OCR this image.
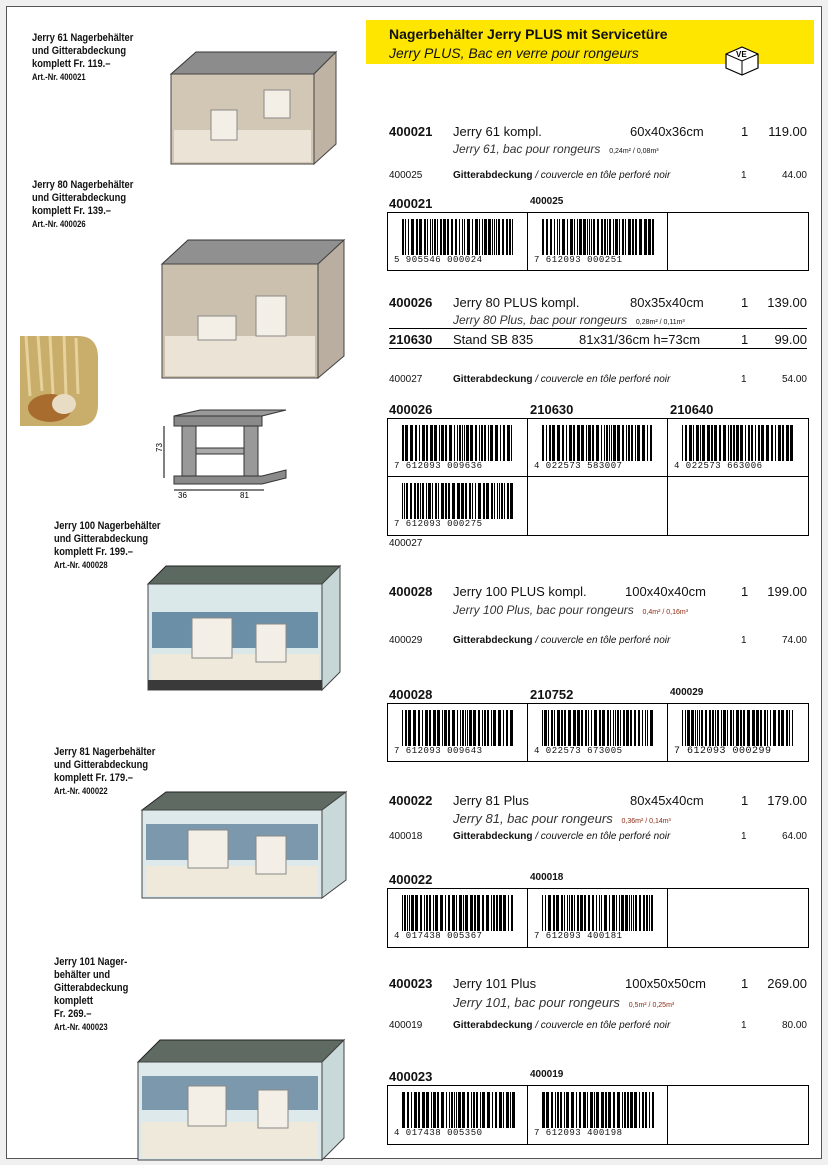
Nagerbehälter Jerry PLUS mit Servicetüre
Jerry PLUS, Bac en verre pour rongeurs	VE
Jerry 61 Nagerbehälter
und Gitterabdeckung
komplett Fr. 119.–
Art.-Nr. 400021
Jerry 80 Nagerbehälter
und Gitterabdeckung
komplett Fr. 139.–
Art.-Nr. 400026
Jerry 100 Nagerbehälter
und Gitterabdeckung
komplett Fr. 199.–
Art.-Nr. 400028
Jerry 81 Nagerbehälter
und Gitterabdeckung
komplett Fr. 179.–
Art.-Nr. 400022
Jerry 101 Nager-
behälter und
Gitterabdeckung
komplett
Fr. 269.–
Art.-Nr. 400023
73
36	81
400021 Jerry 61 kompl.	60x40x36cm	1 119.00
Jerry 61, bac pour rongeurs 0,24m² / 0,08m³
400025	Gitterabdeckung / couvercle en tôle perforé noir	1	44.00
400026 Jerry 80 PLUS kompl.	80x35x40cm	1 139.00
Jerry 80 Plus, bac pour rongeurs 0,28m² / 0,11m³
210630 Stand SB 835	81x31/36cm h=73cm	1 99.00
400027	Gitterabdeckung / couvercle en tôle perforé noir	1	54.00
400028 Jerry 100 PLUS kompl.	100x40x40cm	1 199.00
Jerry 100 Plus, bac pour rongeurs 0,4m² / 0,16m³
400029	Gitterabdeckung / couvercle en tôle perforé noir	1	74.00
400022 Jerry 81 Plus	80x45x40cm	1 179.00
Jerry 81, bac pour rongeurs 0,36m² / 0,14m³
400018	Gitterabdeckung / couvercle en tôle perforé noir	1	64.00
400023 Jerry 101 Plus	100x50x50cm	1 269.00
Jerry 101, bac pour rongeurs 0,5m² / 0,25m³
400019	Gitterabdeckung / couvercle en tôle perforé noir	1	80.00
400021	400025
5 905546 000024	7 612093 000251
400026	210630	210640
7 612093 009636	4 022573 583007	4 022573 663006
7 612093 000275
400027
400028	210752	400029
7 612093 009643	4 022573 673005	7 612093 000299
400022	400018
4 017438 005367	7 612093 400181
400023	400019
4 017438 005350	7 612093 400198
